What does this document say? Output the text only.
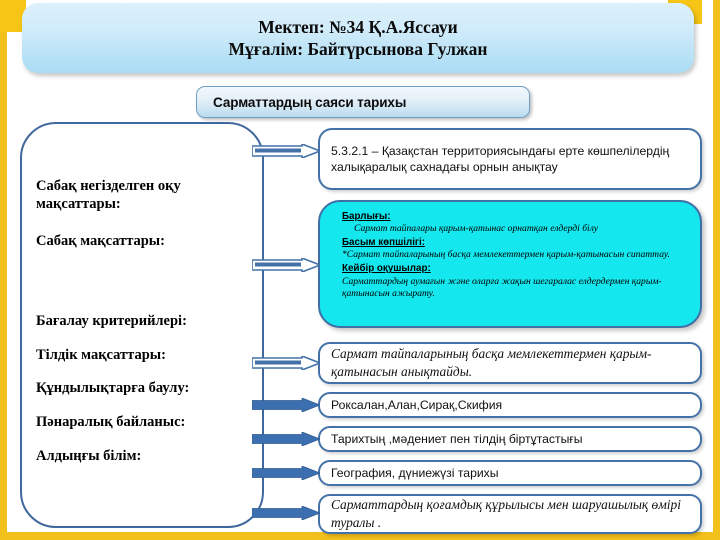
Мектеп: №34 Қ.А.Яссауи
Мұғалім: Байтүрсынова Гулжан
Сарматтардың саяси тарихы
Сабақ негізделген оқу
мақсаттары:
Сабақ мақсаттары:
Бағалау критерийлері:
Тілдік мақсаттары:
Құндылықтарға баулу:
Пәнаралық байланыс:
Алдыңғы білім:
5.3.2.1 – Қазақстан территориясындағы ерте көшпелілердің халықаралық сахнадағы орнын анықтау
Барлығы:
Сармат тайпалары қарым-қатынас орнатқан елдерді білу
Басым көпшілігі:
*Сармат тайпаларының басқа мемлекеттермен қарым-қатынасын сипаттау.
Кейбір оқушылар:
Сарматтардың аумағын және оларға жақын шегаралас елдердермен қарым-қатынасын ажырату.
Сармат тайпаларының басқа мемлекеттермен қарым-қатынасын анықтайды.
Роксалан,Алан,Сирақ,Скифия
Тарихтың ,мәдениет пен тілдің біртұтастығы
География, дүниежүзі тарихы
Сарматтардың қоғамдық құрылысы мен шаруашылық өмірі туралы .
